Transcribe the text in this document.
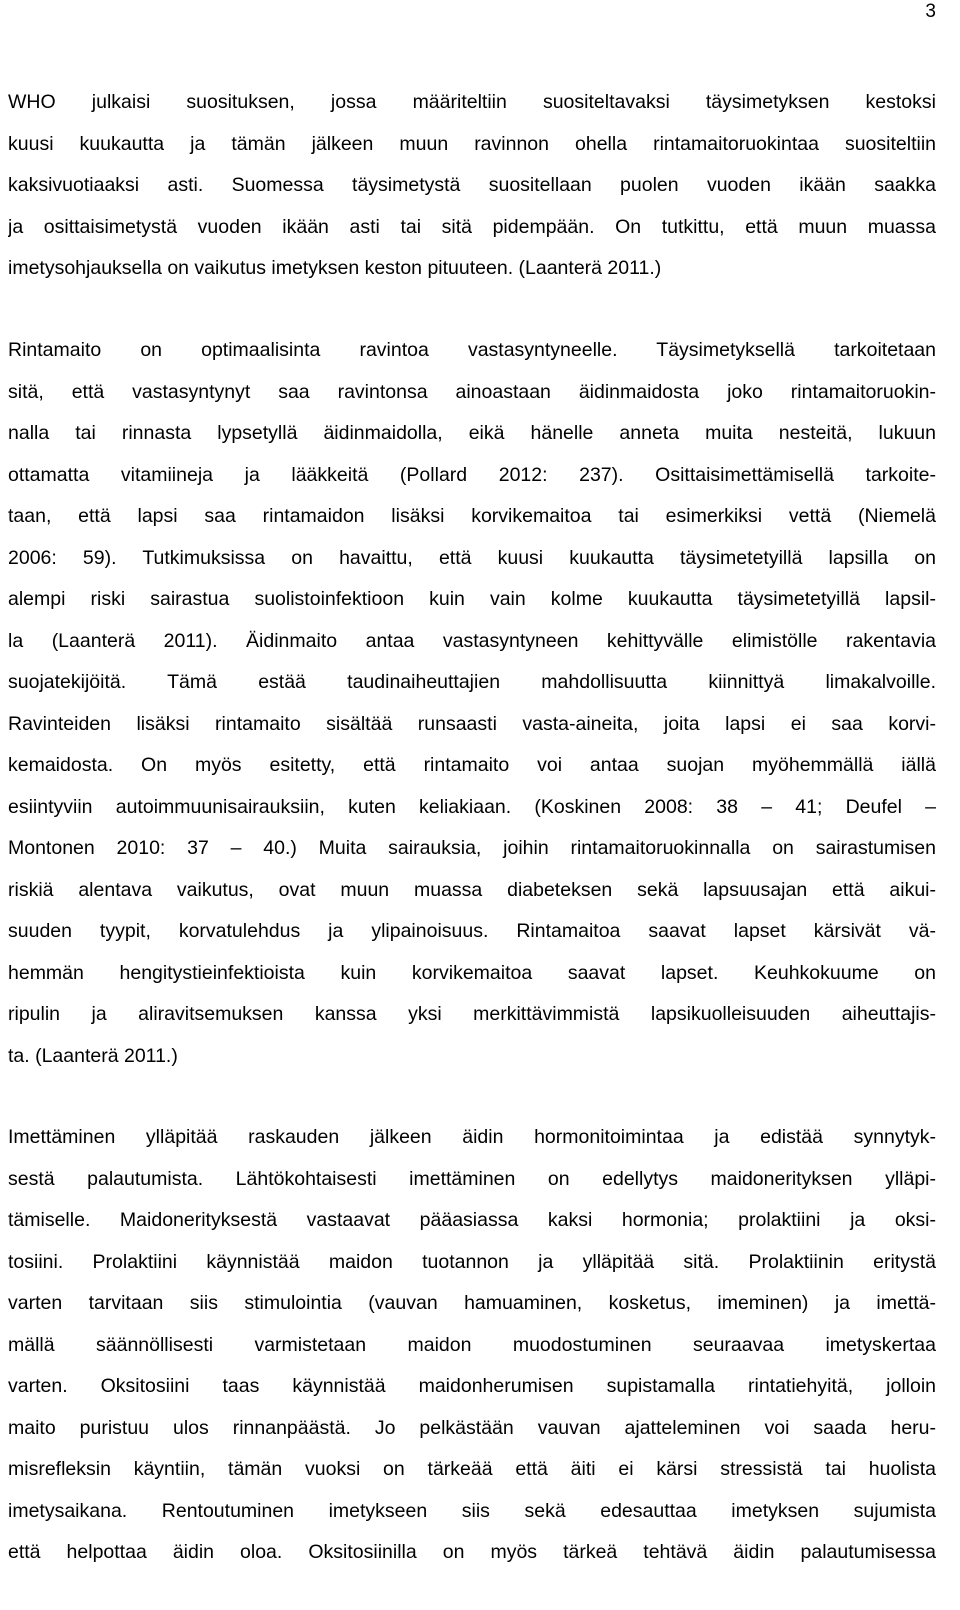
3
WHO julkaisi suosituksen, jossa määriteltiin suositeltavaksi täysimetyksen kestoksi
kuusi kuukautta ja tämän jälkeen muun ravinnon ohella rintamaitoruokintaa suositeltiin
kaksivuotiaaksi asti. Suomessa täysimetystä suositellaan puolen vuoden ikään saakka
ja osittaisimetystä vuoden ikään asti tai sitä pidempään. On tutkittu, että muun muassa
imetysohjauksella on vaikutus imetyksen keston pituuteen. (Laanterä 2011.)
Rintamaito on optimaalisinta ravintoa vastasyntyneelle. Täysimetyksellä tarkoitetaan
sitä, että vastasyntynyt saa ravintonsa ainoastaan äidinmaidosta joko rintamaitoruokin-
nalla tai rinnasta lypsetyllä äidinmaidolla, eikä hänelle anneta muita nesteitä, lukuun
ottamatta vitamiineja ja lääkkeitä (Pollard 2012: 237). Osittaisimettämisellä tarkoite-
taan, että lapsi saa rintamaidon lisäksi korvikemaitoa tai esimerkiksi vettä (Niemelä
2006: 59). Tutkimuksissa on havaittu, että kuusi kuukautta täysimetetyillä lapsilla on
alempi riski sairastua suolistoinfektioon kuin vain kolme kuukautta täysimetetyillä lapsil-
la (Laanterä 2011). Äidinmaito antaa vastasyntyneen kehittyvälle elimistölle rakentavia
suojatekijöitä. Tämä estää taudinaiheuttajien mahdollisuutta kiinnittyä limakalvoille.
Ravinteiden lisäksi rintamaito sisältää runsaasti vasta-aineita, joita lapsi ei saa korvi-
kemaidosta. On myös esitetty, että rintamaito voi antaa suojan myöhemmällä iällä
esiintyviin autoimmuunisairauksiin, kuten keliakiaan. (Koskinen 2008: 38 – 41; Deufel –
Montonen 2010: 37 – 40.) Muita sairauksia, joihin rintamaitoruokinnalla on sairastumisen
riskiä alentava vaikutus, ovat muun muassa diabeteksen sekä lapsuusajan että aikui-
suuden tyypit, korvatulehdus ja ylipainoisuus. Rintamaitoa saavat lapset kärsivät vä-
hemmän hengitystieinfektioista kuin korvikemaitoa saavat lapset. Keuhkokuume on
ripulin ja aliravitsemuksen kanssa yksi merkittävimmistä lapsikuolleisuuden aiheuttajis-
ta. (Laanterä 2011.)
Imettäminen ylläpitää raskauden jälkeen äidin hormonitoimintaa ja edistää synnytyk-
sestä palautumista. Lähtökohtaisesti imettäminen on edellytys maidonerityksen ylläpi-
tämiselle. Maidonerityksestä vastaavat pääasiassa kaksi hormonia; prolaktiini ja oksi-
tosiini. Prolaktiini käynnistää maidon tuotannon ja ylläpitää sitä. Prolaktiinin eritystä
varten tarvitaan siis stimulointia (vauvan hamuaminen, kosketus, imeminen) ja imettä-
mällä säännöllisesti varmistetaan maidon muodostuminen seuraavaa imetyskertaa
varten. Oksitosiini taas käynnistää maidonherumisen supistamalla rintatiehyitä, jolloin
maito puristuu ulos rinnanpäästä. Jo pelkästään vauvan ajatteleminen voi saada heru-
misrefleksin käyntiin, tämän vuoksi on tärkeää että äiti ei kärsi stressistä tai huolista
imetysaikana. Rentoutuminen imetykseen siis sekä edesauttaa imetyksen sujumista
että helpottaa äidin oloa. Oksitosiinilla on myös tärkeä tehtävä äidin palautumisessa
